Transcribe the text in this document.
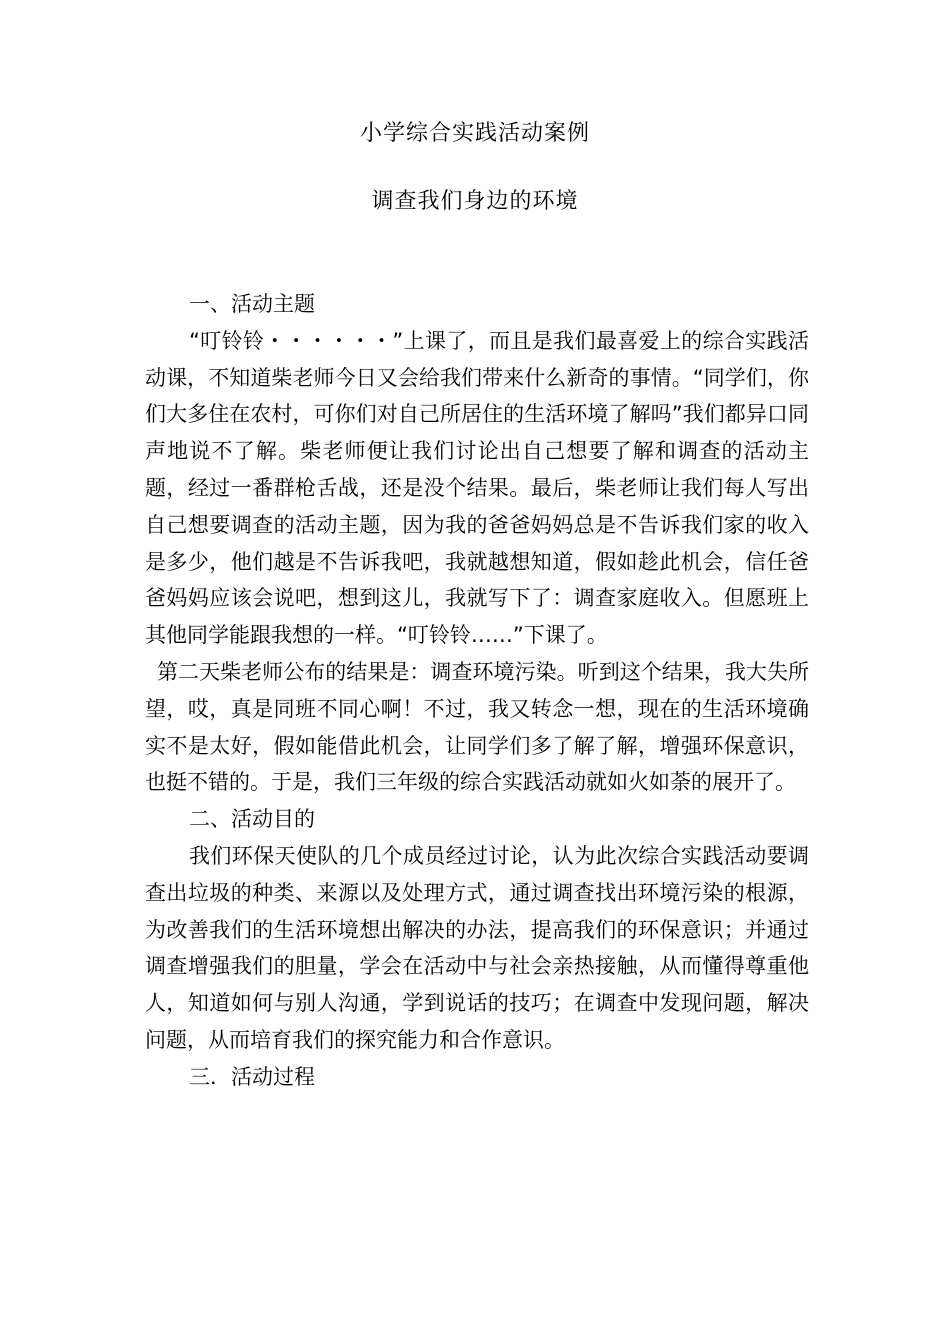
小学综合实践活动案例
调查我们身边的环境

一、活动主题

“叮铃铃・・・・・・”上课了，而且是我们最喜爱上的综合实践活动课，不知道柴老师今日又会给我们带来什么新奇的事情。“同学们，你们大多住在农村，可你们对自己所居住的生活环境了解吗”我们都异口同声地说不了解。柴老师便让我们讨论出自己想要了解和调查的活动主题，经过一番群枪舌战，还是没个结果。最后，柴老师让我们每人写出自己想要调查的活动主题，因为我的爸爸妈妈总是不告诉我们家的收入是多少，他们越是不告诉我吧，我就越想知道，假如趁此机会，信任爸爸妈妈应该会说吧，想到这儿，我就写下了：调查家庭收入。但愿班上其他同学能跟我想的一样。“叮铃铃……”下课了。

第二天柴老师公布的结果是：调查环境污染。听到这个结果，我大失所望，哎，真是同班不同心啊！不过，我又转念一想，现在的生活环境确实不是太好，假如能借此机会，让同学们多了解了解，增强环保意识，也挺不错的。于是，我们三年级的综合实践活动就如火如荼的展开了。

二、活动目的

我们环保天使队的几个成员经过讨论，认为此次综合实践活动要调查出垃圾的种类、来源以及处理方式，通过调查找出环境污染的根源，为改善我们的生活环境想出解决的办法，提高我们的环保意识；并通过调查增强我们的胆量，学会在活动中与社会亲热接触，从而懂得尊重他人，知道如何与别人沟通，学到说话的技巧；在调查中发现问题，解决问题，从而培育我们的探究能力和合作意识。

三．活动过程
